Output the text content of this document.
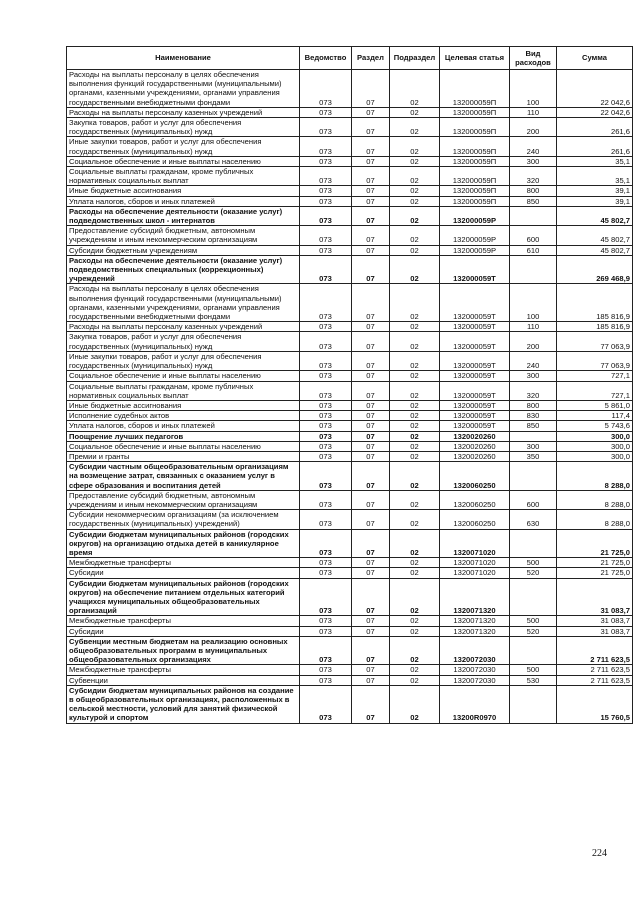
Наименование	Ведомство	Раздел	Подраздел	Целевая статья	Вид расходов	Сумма
Расходы на выплаты персоналу в целях обеспечения выполнения функций государственными (муниципальными) органами, казенными учреждениями, органами управления государственными внебюджетными фондами	073	07	02	132000059П	100	22 042,6
Расходы на выплаты персоналу казенных учреждений	073	07	02	132000059П	110	22 042,6
Закупка товаров, работ и услуг для обеспечения государственных (муниципальных) нужд	073	07	02	132000059П	200	261,6
Иные закупки товаров, работ и услуг для обеспечения государственных (муниципальных) нужд	073	07	02	132000059П	240	261,6
Социальное обеспечение и иные выплаты населению	073	07	02	132000059П	300	35,1
Социальные выплаты гражданам, кроме публичных нормативных социальных выплат	073	07	02	132000059П	320	35,1
Иные бюджетные ассигнования	073	07	02	132000059П	800	39,1
Уплата налогов, сборов и иных платежей	073	07	02	132000059П	850	39,1
Расходы на обеспечение деятельности (оказание услуг) подведомственных школ - интернатов	073	07	02	132000059Р		45 802,7
Предоставление субсидий бюджетным, автономным учреждениям и иным некоммерческим организациям	073	07	02	132000059Р	600	45 802,7
Субсидии бюджетным учреждениям	073	07	02	132000059Р	610	45 802,7
Расходы на обеспечение деятельности (оказание услуг) подведомственных специальных (коррекционных) учреждений	073	07	02	132000059Т		269 468,9
Расходы на выплаты персоналу в целях обеспечения выполнения функций государственными (муниципальными) органами, казенными учреждениями, органами управления государственными внебюджетными фондами	073	07	02	132000059Т	100	185 816,9
Расходы на выплаты персоналу казенных учреждений	073	07	02	132000059Т	110	185 816,9
Закупка товаров, работ и услуг для обеспечения государственных (муниципальных) нужд	073	07	02	132000059Т	200	77 063,9
Иные закупки товаров, работ и услуг для обеспечения государственных (муниципальных) нужд	073	07	02	132000059Т	240	77 063,9
Социальное обеспечение и иные выплаты населению	073	07	02	132000059Т	300	727,1
Социальные выплаты гражданам, кроме публичных нормативных социальных выплат	073	07	02	132000059Т	320	727,1
Иные бюджетные ассигнования	073	07	02	132000059Т	800	5 861,0
Исполнение судебных актов	073	07	02	132000059Т	830	117,4
Уплата налогов, сборов и иных платежей	073	07	02	132000059Т	850	5 743,6
Поощрение лучших педагогов	073	07	02	1320020260		300,0
Социальное обеспечение и иные выплаты населению	073	07	02	1320020260	300	300,0
Премии и гранты	073	07	02	1320020260	350	300,0
Субсидии частным общеобразовательным организациям на возмещение затрат, связанных с оказанием услуг в сфере образования и воспитания детей	073	07	02	1320060250		8 288,0
Предоставление субсидий бюджетным, автономным учреждениям и иным некоммерческим организациям	073	07	02	1320060250	600	8 288,0
Субсидии некоммерческим организациям (за исключением государственных (муниципальных) учреждений)	073	07	02	1320060250	630	8 288,0
Субсидии бюджетам муниципальных районов (городских округов) на организацию отдыха детей в каникулярное время	073	07	02	1320071020		21 725,0
Межбюджетные трансферты	073	07	02	1320071020	500	21 725,0
Субсидии	073	07	02	1320071020	520	21 725,0
Субсидии бюджетам муниципальных районов (городских округов) на обеспечение питанием отдельных категорий учащихся муниципальных общеобразовательных организаций	073	07	02	1320071320		31 083,7
Межбюджетные трансферты	073	07	02	1320071320	500	31 083,7
Субсидии	073	07	02	1320071320	520	31 083,7
Субвенции местным бюджетам на реализацию основных общеобразовательных программ в муниципальных общеобразовательных организациях	073	07	02	1320072030		2 711 623,5
Межбюджетные трансферты	073	07	02	1320072030	500	2 711 623,5
Субвенции	073	07	02	1320072030	530	2 711 623,5
Субсидии бюджетам муниципальных районов на создание в общеобразовательных организациях, расположенных в сельской местности, условий для занятий физической культурой и спортом	073	07	02	13200R0970		15 760,5
224
